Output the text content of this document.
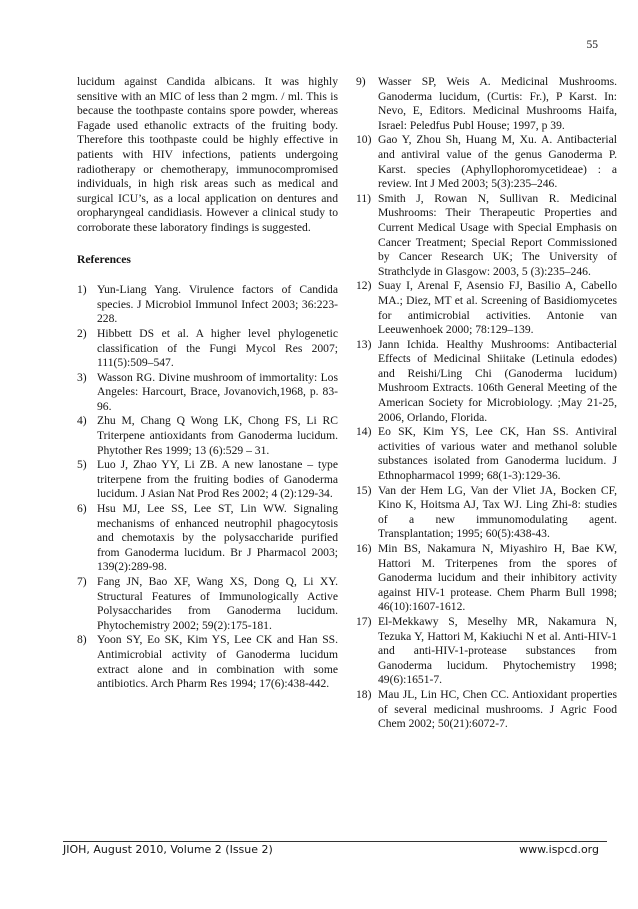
55

lucidum against Candida albicans. It was highly sensitive with an MIC of less than 2 mgm. / ml. This is because the toothpaste contains spore powder, whereas Fagade used ethanolic extracts of the fruiting body. Therefore this toothpaste could be highly effective in patients with HIV infections, patients undergoing radiotherapy or chemotherapy, immunocompromised individuals, in high risk areas such as medical and surgical ICU’s, as a local application on dentures and oropharyngeal candidiasis. However a clinical study to corroborate these laboratory findings is suggested.

References
1) Yun-Liang Yang. Virulence factors of Candida species. J Microbiol Immunol Infect 2003; 36:223-228.
2) Hibbett DS et al. A higher level phylogenetic classification of the Fungi Mycol Res 2007; 111(5):509–547.
3) Wasson RG. Divine mushroom of immortality: Los Angeles: Harcourt, Brace, Jovanovich,1968, p. 83-96.
4) Zhu M, Chang Q Wong LK, Chong FS, Li RC Triterpene antioxidants from Ganoderma lucidum. Phytother Res 1999; 13 (6):529 – 31.
5) Luo J, Zhao YY, Li ZB. A new lanostane – type triterpene from the fruiting bodies of Ganoderma lucidum. J Asian Nat Prod Res 2002; 4 (2):129-34.
6) Hsu MJ, Lee SS, Lee ST, Lin WW. Signaling mechanisms of enhanced neutrophil phagocytosis and chemotaxis by the polysaccharide purified from Ganoderma lucidum. Br J Pharmacol 2003; 139(2):289-98.
7) Fang JN, Bao XF, Wang XS, Dong Q, Li XY. Structural Features of Immunologically Active Polysaccharides from Ganoderma lucidum. Phytochemistry 2002; 59(2):175-181.
8) Yoon SY, Eo SK, Kim YS, Lee CK and Han SS. Antimicrobial activity of Ganoderma lucidum extract alone and in combination with some antibiotics. Arch Pharm Res 1994; 17(6):438-442.
9) Wasser SP, Weis A. Medicinal Mushrooms. Ganoderma lucidum, (Curtis: Fr.), P Karst. In: Nevo, E, Editors. Medicinal Mushrooms Haifa, Israel: Peledfus Publ House; 1997, p 39.
10) Gao Y, Zhou Sh, Huang M, Xu. A. Antibacterial and antiviral value of the genus Ganoderma P. Karst. species (Aphyllophoromycetideae) : a review. Int J Med 2003; 5(3):235–246.
11) Smith J, Rowan N, Sullivan R. Medicinal Mushrooms: Their Therapeutic Properties and Current Medical Usage with Special Emphasis on Cancer Treatment; Special Report Commissioned by Cancer Research UK; The University of Strathclyde in Glasgow: 2003, 5 (3):235–246.
12) Suay I, Arenal F, Asensio FJ, Basilio A, Cabello MA.; Diez, MT et al. Screening of Basidiomycetes for antimicrobial activities. Antonie van Leeuwenhoek 2000; 78:129–139.
13) Jann Ichida. Healthy Mushrooms: Antibacterial Effects of Medicinal Shiitake (Letinula edodes) and Reishi/Ling Chi (Ganoderma lucidum) Mushroom Extracts. 106th General Meeting of the American Society for Microbiology. ;May 21-25, 2006, Orlando, Florida.
14) Eo SK, Kim YS, Lee CK, Han SS. Antiviral activities of various water and methanol soluble substances isolated from Ganoderma lucidum. J Ethnopharmacol 1999; 68(1-3):129-36.
15) Van der Hem LG, Van der Vliet JA, Bocken CF, Kino K, Hoitsma AJ, Tax WJ. Ling Zhi-8: studies of a new immunomodulating agent. Transplantation; 1995; 60(5):438-43.
16) Min BS, Nakamura N, Miyashiro H, Bae KW, Hattori M. Triterpenes from the spores of Ganoderma lucidum and their inhibitory activity against HIV-1 protease. Chem Pharm Bull 1998; 46(10):1607-1612.
17) El-Mekkawy S, Meselhy MR, Nakamura N, Tezuka Y, Hattori M, Kakiuchi N et al. Anti-HIV-1 and anti-HIV-1-protease substances from Ganoderma lucidum. Phytochemistry 1998; 49(6):1651-7.
18) Mau JL, Lin HC, Chen CC. Antioxidant properties of several medicinal mushrooms. J Agric Food Chem 2002; 50(21):6072-7.
JIOH, August 2010, Volume 2 (Issue 2)	www.ispcd.org
